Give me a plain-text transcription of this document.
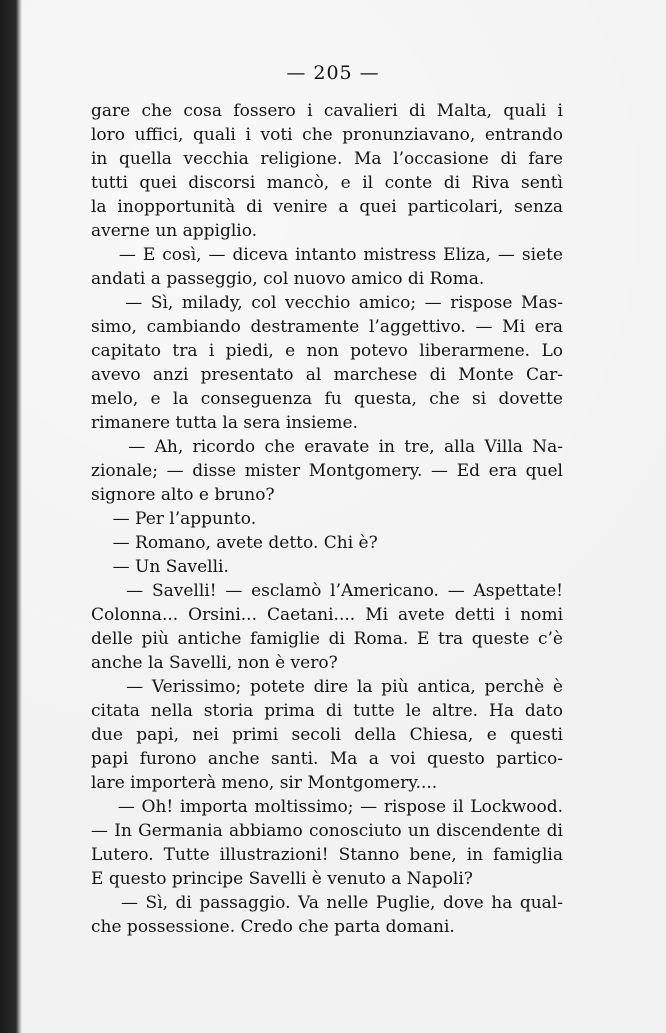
— 205 —
gare che cosa fossero i cavalieri di Malta, quali i
loro uffici, quali i voti che pronunziavano, entrando
in quella vecchia religione. Ma l’occasione di fare
tutti quei discorsi mancò, e il conte di Riva sentì
la inopportunità di venire a quei particolari, senza
averne un appiglio.
— E così, — diceva intanto mistress Eliza, — siete
andati a passeggio, col nuovo amico di Roma.
— Sì, milady, col vecchio amico; — rispose Mas-
simo, cambiando destramente l’aggettivo. — Mi era
capitato tra i piedi, e non potevo liberarmene. Lo
avevo anzi presentato al marchese di Monte Car-
melo, e la conseguenza fu questa, che si dovette
rimanere tutta la sera insieme.
— Ah, ricordo che eravate in tre, alla Villa Na-
zionale; — disse mister Montgomery. — Ed era quel
signore alto e bruno?
— Per l’appunto.
— Romano, avete detto. Chi è?
— Un Savelli.
— Savelli! — esclamò l’Americano. — Aspettate!
Colonna... Orsini... Caetani.... Mi avete detti i nomi
delle più antiche famiglie di Roma. E tra queste c’è
anche la Savelli, non è vero?
— Verissimo; potete dire la più antica, perchè è
citata nella storia prima di tutte le altre. Ha dato
due papi, nei primi secoli della Chiesa, e questi
papi furono anche santi. Ma a voi questo partico-
lare importerà meno, sir Montgomery....
— Oh! importa moltissimo; — rispose il Lockwood.
— In Germania abbiamo conosciuto un discendente di
Lutero. Tutte illustrazioni! Stanno bene, in famiglia
E questo principe Savelli è venuto a Napoli?
— Sì, di passaggio. Va nelle Puglie, dove ha qual-
che possessione. Credo che parta domani.
